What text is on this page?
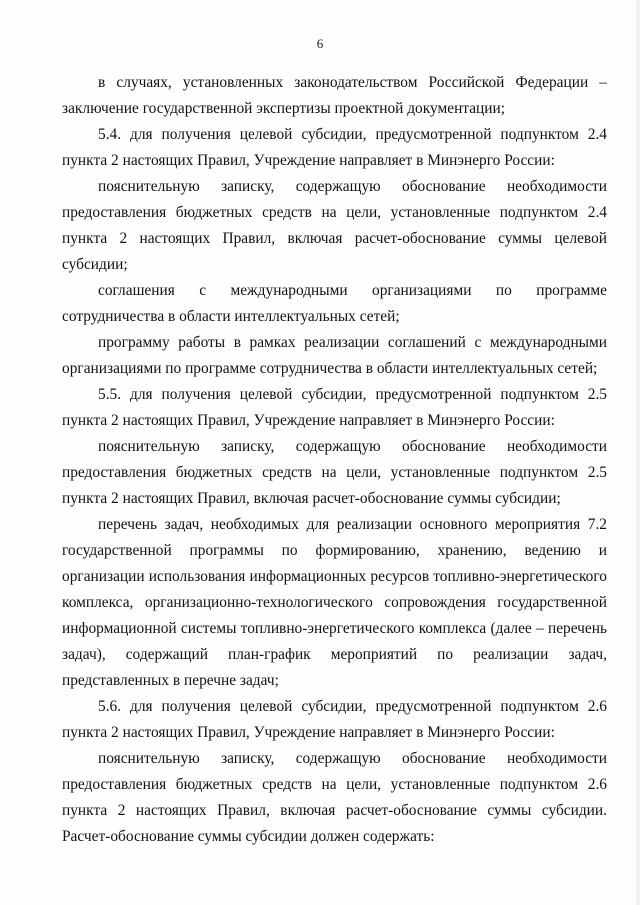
6

в случаях, установленных законодательством Российской Федерации – заключение государственной экспертизы проектной документации;

5.4. для получения целевой субсидии, предусмотренной подпунктом 2.4 пункта 2 настоящих Правил, Учреждение направляет в Минэнерго России:

пояснительную записку, содержащую обоснование необходимости предоставления бюджетных средств на цели, установленные подпунктом 2.4 пункта 2 настоящих Правил, включая расчет-обоснование суммы целевой субсидии;

соглашения с международными организациями по программе сотрудничества в области интеллектуальных сетей;

программу работы в рамках реализации соглашений с международными организациями по программе сотрудничества в области интеллектуальных сетей;

5.5. для получения целевой субсидии, предусмотренной подпунктом 2.5 пункта 2 настоящих Правил, Учреждение направляет в Минэнерго России:

пояснительную записку, содержащую обоснование необходимости предоставления бюджетных средств на цели, установленные подпунктом 2.5 пункта 2 настоящих Правил, включая расчет-обоснование суммы субсидии;

перечень задач, необходимых для реализации основного мероприятия 7.2 государственной программы по формированию, хранению, ведению и организации использования информационных ресурсов топливно-энергетического комплекса, организационно-технологического сопровождения государственной информационной системы топливно-энергетического комплекса (далее – перечень задач), содержащий план-график мероприятий по реализации задач, представленных в перечне задач;

5.6. для получения целевой субсидии, предусмотренной подпунктом 2.6 пункта 2 настоящих Правил, Учреждение направляет в Минэнерго России:

пояснительную записку, содержащую обоснование необходимости предоставления бюджетных средств на цели, установленные подпунктом 2.6 пункта 2 настоящих Правил, включая расчет-обоснование суммы субсидии. Расчет-обоснование суммы субсидии должен содержать:
